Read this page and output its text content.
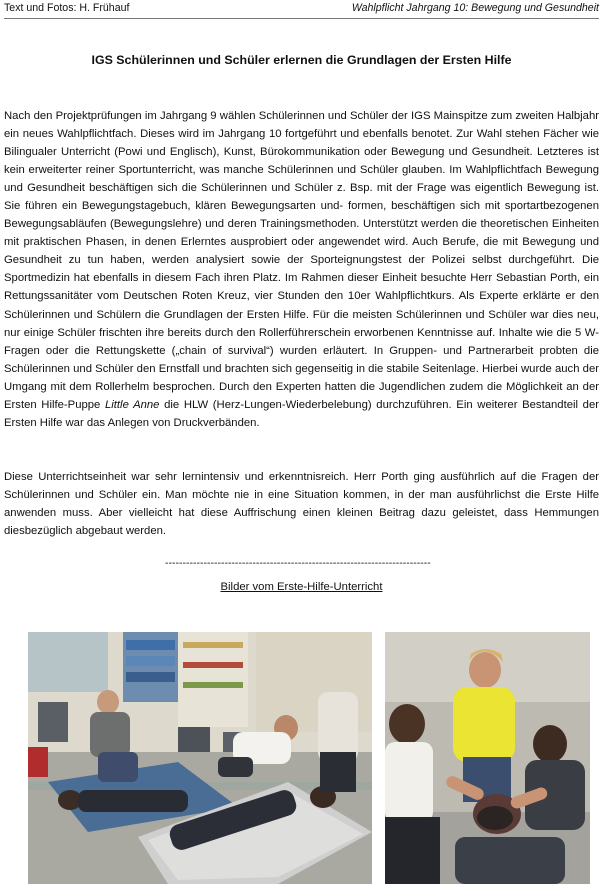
Text und Fotos: H. Frühauf	Wahlpflicht Jahrgang 10: Bewegung und Gesundheit
IGS Schülerinnen und Schüler erlernen die Grundlagen der Ersten Hilfe

Nach den Projektprüfungen im Jahrgang 9 wählen Schülerinnen und Schüler der IGS Mainspitze zum zweiten Halbjahr ein neues Wahlpflichtfach. Dieses wird im Jahrgang 10 fortgeführt und ebenfalls benotet. Zur Wahl stehen Fächer wie Bilingualer Unterricht (Powi und Englisch), Kunst, Bürokommunikation oder Bewegung und Gesundheit. Letzteres ist kein erweiterter reiner Sportunterricht, was manche Schülerinnen und Schüler glauben. Im Wahlpflichtfach Bewegung und Gesundheit beschäftigen sich die Schülerinnen und Schüler z. Bsp. mit der Frage was eigentlich Bewegung ist. Sie führen ein Bewegungstagebuch, klären Bewegungsarten und- formen, beschäftigen sich mit sportartbezogenen Bewegungsabläufen (Bewegungslehre) und deren Trainingsmethoden. Unterstützt werden die theoretischen Einheiten mit praktischen Phasen, in denen Erlerntes ausprobiert oder angewendet wird. Auch Berufe, die mit Bewegung und Gesundheit zu tun haben, werden analysiert sowie der Sporteignungstest der Polizei selbst durchgeführt. Die Sportmedizin hat ebenfalls in diesem Fach ihren Platz. Im Rahmen dieser Einheit besuchte Herr Sebastian Porth, ein Rettungssanitäter vom Deutschen Roten Kreuz, vier Stunden den 10er Wahlpflichtkurs. Als Experte erklärte er den Schülerinnen und Schülern die Grundlagen der Ersten Hilfe. Für die meisten Schülerinnen und Schüler war dies neu, nur einige Schüler frischten ihre bereits durch den Rollerführerschein erworbenen Kenntnisse auf. Inhalte wie die 5 W-Fragen oder die Rettungskette („chain of survival“) wurden erläutert. In Gruppen- und Partnerarbeit probten die Schülerinnen und Schüler den Ernstfall und brachten sich gegenseitig in die stabile Seitenlage. Hierbei wurde auch der Umgang mit dem Rollerhelm besprochen. Durch den Experten hatten die Jugendlichen zudem die Möglichkeit an der Ersten Hilfe-Puppe Little Anne die HLW (Herz-Lungen-Wiederbelebung) durchzuführen. Ein weiterer Bestandteil der Ersten Hilfe war das Anlegen von Druckverbänden.

Diese Unterrichtseinheit war sehr lernintensiv und erkenntnisreich. Herr Porth ging ausführlich auf die Fragen der Schülerinnen und Schüler ein. Man möchte nie in eine Situation kommen, in der man ausführlichst die Erste Hilfe anwenden muss. Aber vielleicht hat diese Auffrischung einen kleinen Beitrag dazu geleistet, dass Hemmungen diesbezüglich abgebaut werden.

----------------------------------------------------------------------------
Bilder vom Erste-Hilfe-Unterricht
